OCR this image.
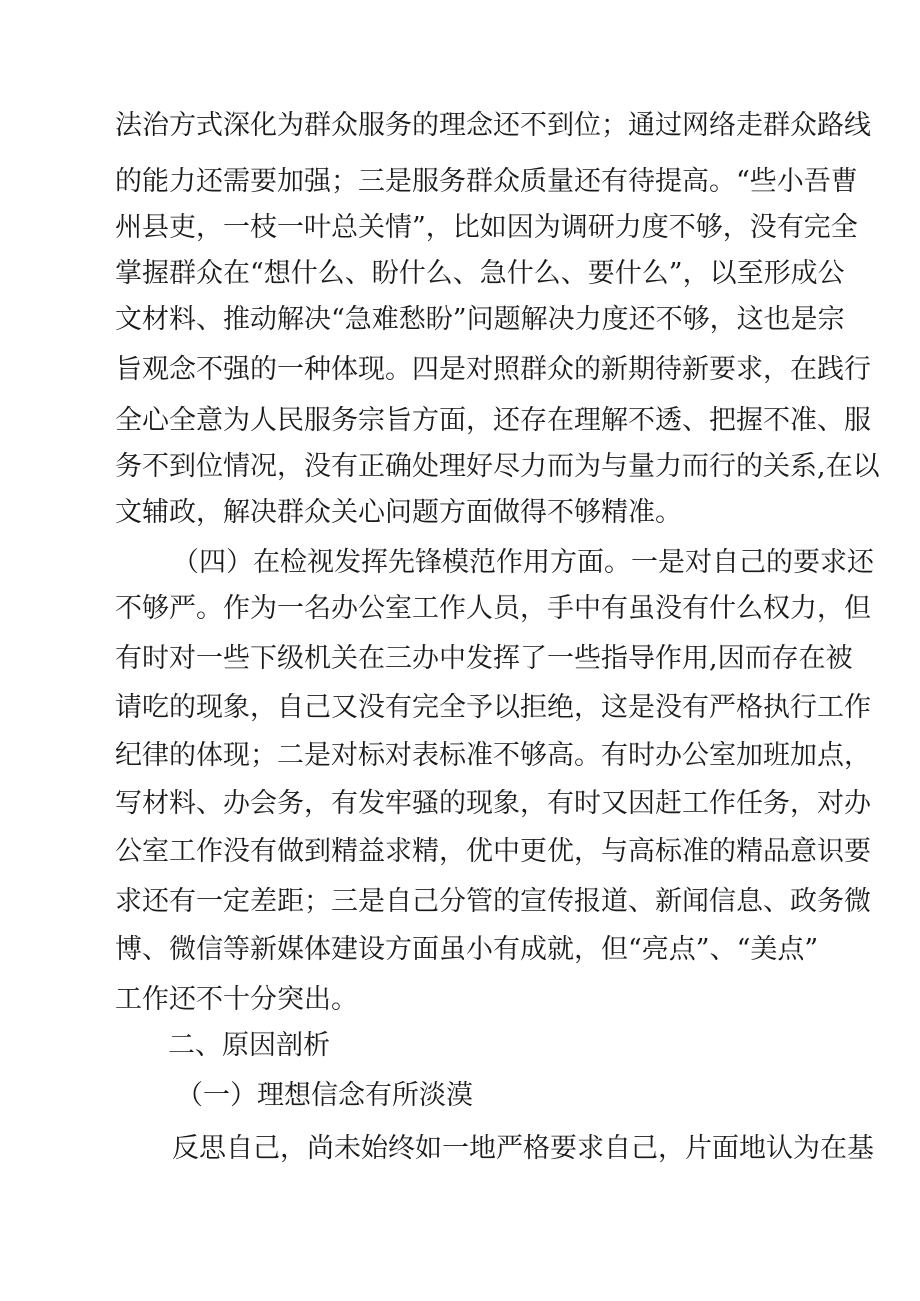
法治方式深化为群众服务的理念还不到位；通过网络走群众路线
的能力还需要加强；三是服务群众质量还有待提高。“些小吾曹
州县吏，一枝一叶总关情”，比如因为调研力度不够，没有完全
掌握群众在“想什么、盼什么、急什么、要什么”，以至形成公
文材料、推动解决“急难愁盼”问题解决力度还不够，这也是宗
旨观念不强的一种体现。四是对照群众的新期待新要求，在践行
全心全意为人民服务宗旨方面，还存在理解不透、把握不准、服
务不到位情况，没有正确处理好尽力而为与量力而行的关系,在以
文辅政，解决群众关心问题方面做得不够精准。
（四）在检视发挥先锋模范作用方面。一是对自己的要求还
不够严。作为一名办公室工作人员，手中有虽没有什么权力，但
有时对一些下级机关在三办中发挥了一些指导作用,因而存在被
请吃的现象，自己又没有完全予以拒绝，这是没有严格执行工作
纪律的体现；二是对标对表标准不够高。有时办公室加班加点，
写材料、办会务，有发牢骚的现象，有时又因赶工作任务，对办
公室工作没有做到精益求精，优中更优，与高标准的精品意识要
求还有一定差距；三是自己分管的宣传报道、新闻信息、政务微
博、微信等新媒体建设方面虽小有成就，但“亮点”、“美点”
工作还不十分突出。
二、原因剖析
（一）理想信念有所淡漠
反思自己，尚未始终如一地严格要求自己，片面地认为在基
